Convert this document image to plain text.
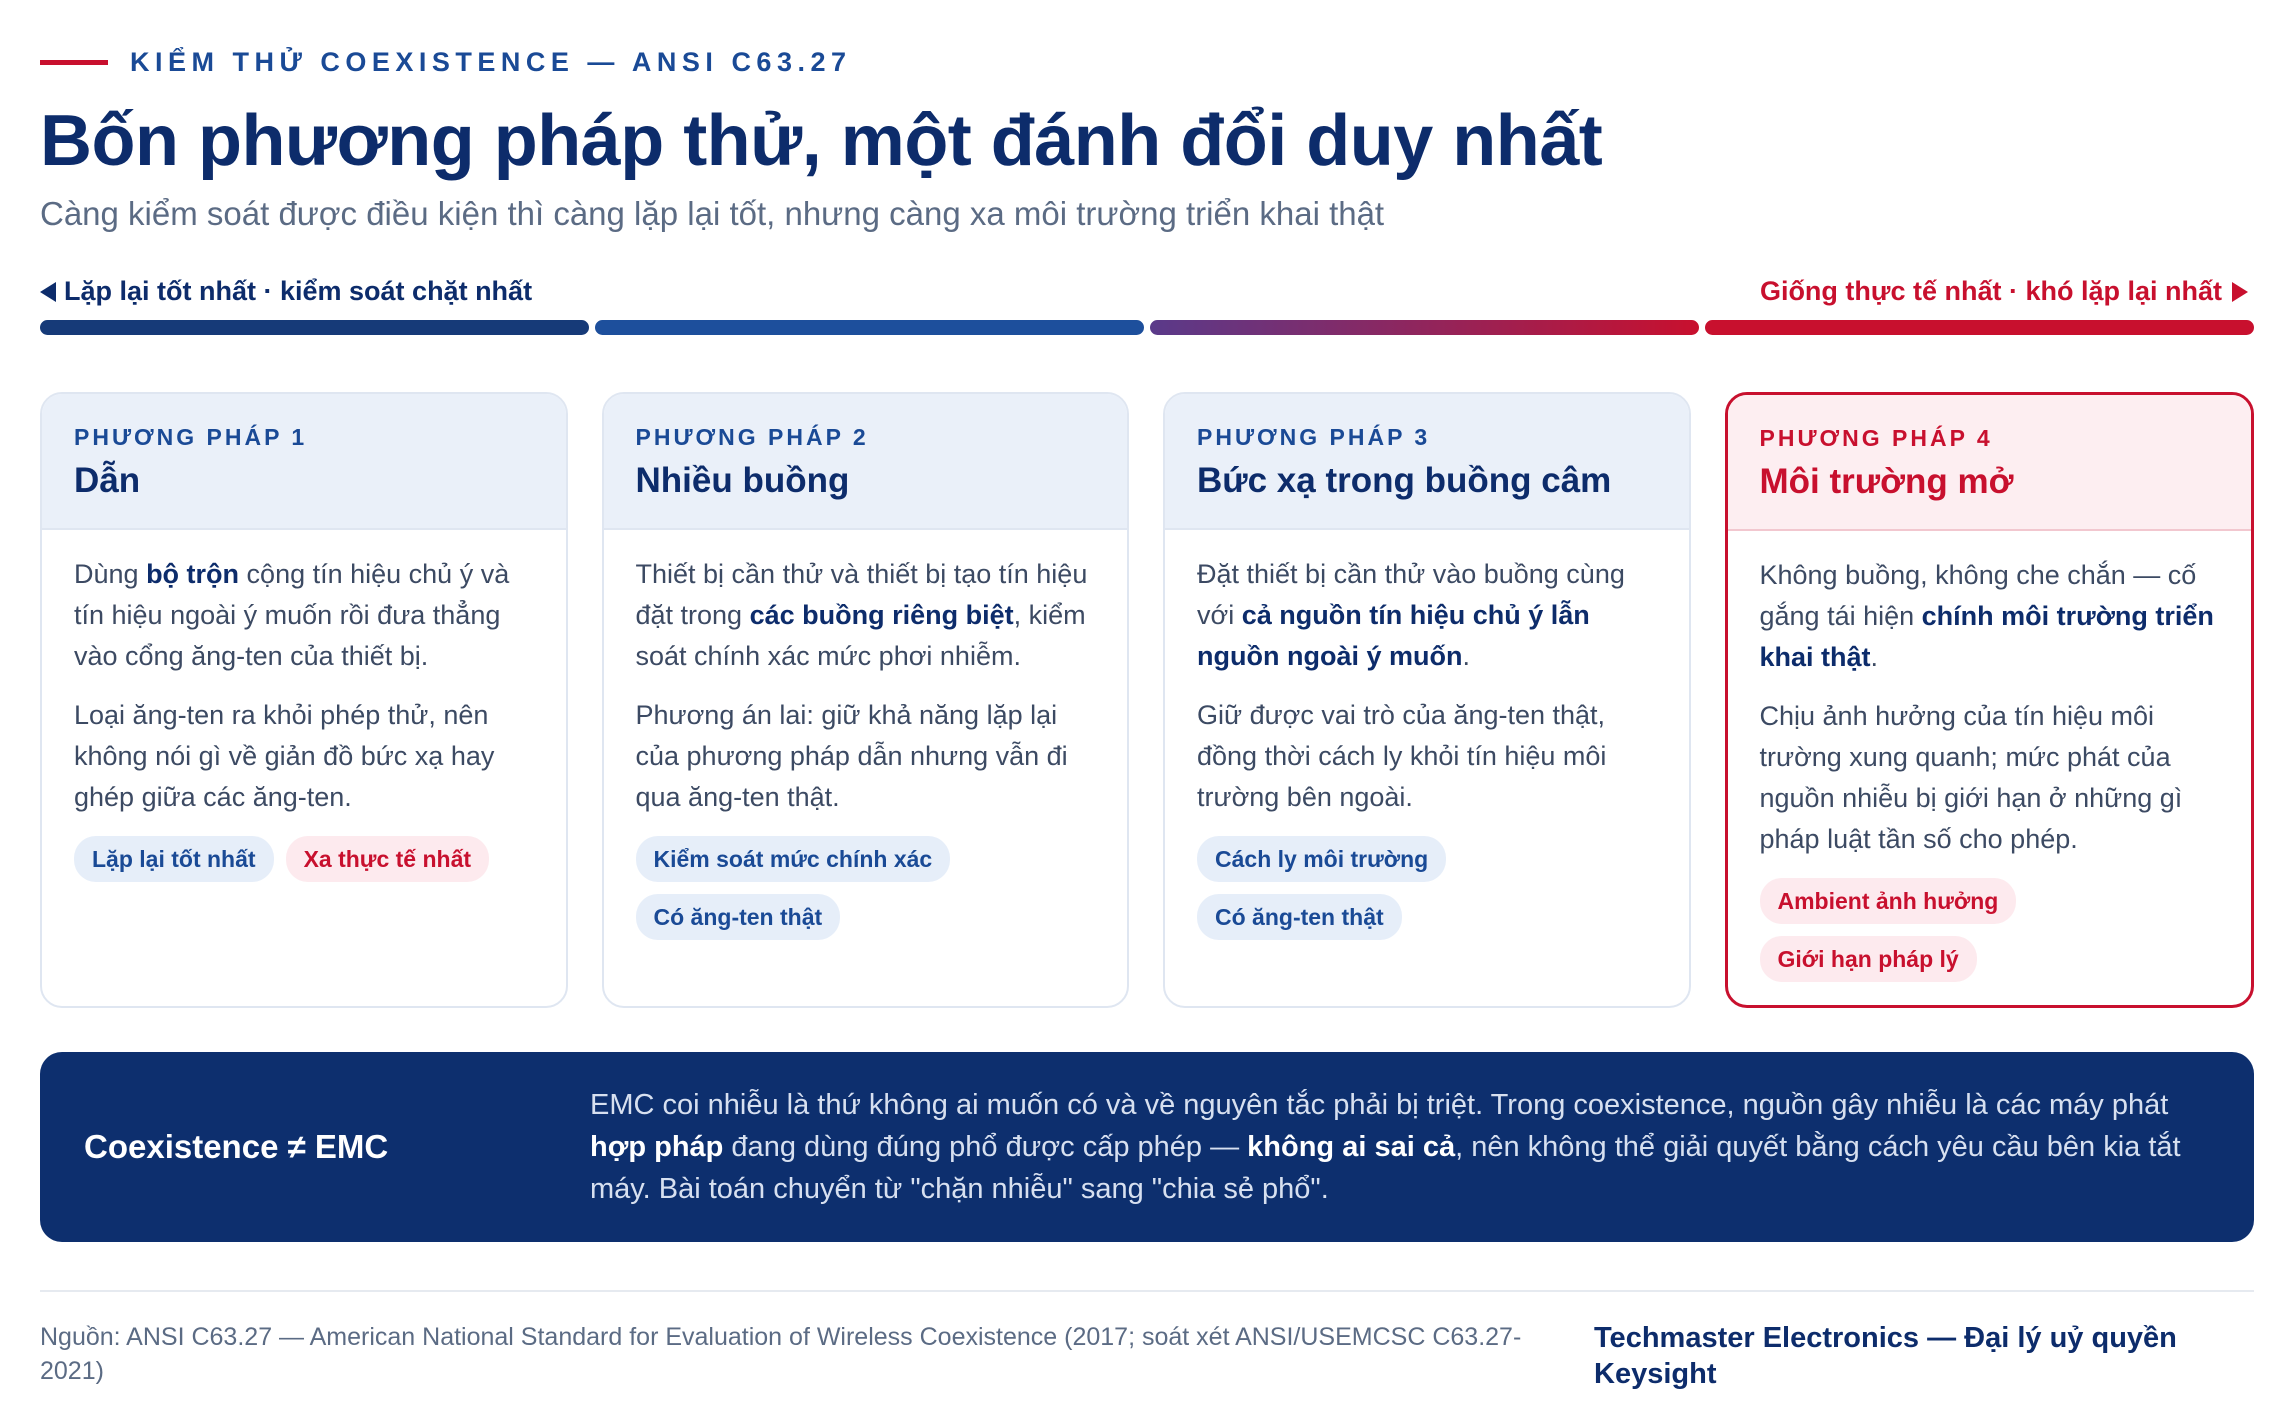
KIỂM THỬ COEXISTENCE — ANSI C63.27
Bốn phương pháp thử, một đánh đổi duy nhất
Càng kiểm soát được điều kiện thì càng lặp lại tốt, nhưng càng xa môi trường triển khai thật
Lặp lại tốt nhất · kiểm soát chặt nhất	Giống thực tế nhất · khó lặp lại nhất
PHƯƠNG PHÁP 1
Dẫn

Dùng bộ trộn cộng tín hiệu chủ ý và tín hiệu ngoài ý muốn rồi đưa thẳng vào cổng ăng-ten của thiết bị.

Loại ăng-ten ra khỏi phép thử, nên không nói gì về giản đồ bức xạ hay ghép giữa các ăng-ten.

Lặp lại tốt nhất	Xa thực tế nhất
PHƯƠNG PHÁP 2
Nhiều buồng

Thiết bị cần thử và thiết bị tạo tín hiệu đặt trong các buồng riêng biệt, kiểm soát chính xác mức phơi nhiễm.

Phương án lai: giữ khả năng lặp lại của phương pháp dẫn nhưng vẫn đi qua ăng-ten thật.

Kiểm soát mức chính xác
Có ăng-ten thật
PHƯƠNG PHÁP 3
Bức xạ trong buồng câm

Đặt thiết bị cần thử vào buồng cùng với cả nguồn tín hiệu chủ ý lẫn nguồn ngoài ý muốn.

Giữ được vai trò của ăng-ten thật, đồng thời cách ly khỏi tín hiệu môi trường bên ngoài.

Cách ly môi trường
Có ăng-ten thật
PHƯƠNG PHÁP 4
Môi trường mở

Không buồng, không che chắn — cố gắng tái hiện chính môi trường triển khai thật.

Chịu ảnh hưởng của tín hiệu môi trường xung quanh; mức phát của nguồn nhiễu bị giới hạn ở những gì pháp luật tần số cho phép.

Ambient ảnh hưởng
Giới hạn pháp lý
Coexistence ≠ EMC
EMC coi nhiễu là thứ không ai muốn có và về nguyên tắc phải bị triệt. Trong coexistence, nguồn gây nhiễu là các máy phát hợp pháp đang dùng đúng phổ được cấp phép — không ai sai cả, nên không thể giải quyết bằng cách yêu cầu bên kia tắt máy. Bài toán chuyển từ "chặn nhiễu" sang "chia sẻ phổ".
Nguồn: ANSI C63.27 — American National Standard for Evaluation of Wireless Coexistence (2017; soát xét ANSI/USEMCSC C63.27-2021)
Techmaster Electronics — Đại lý uỷ quyền Keysight
